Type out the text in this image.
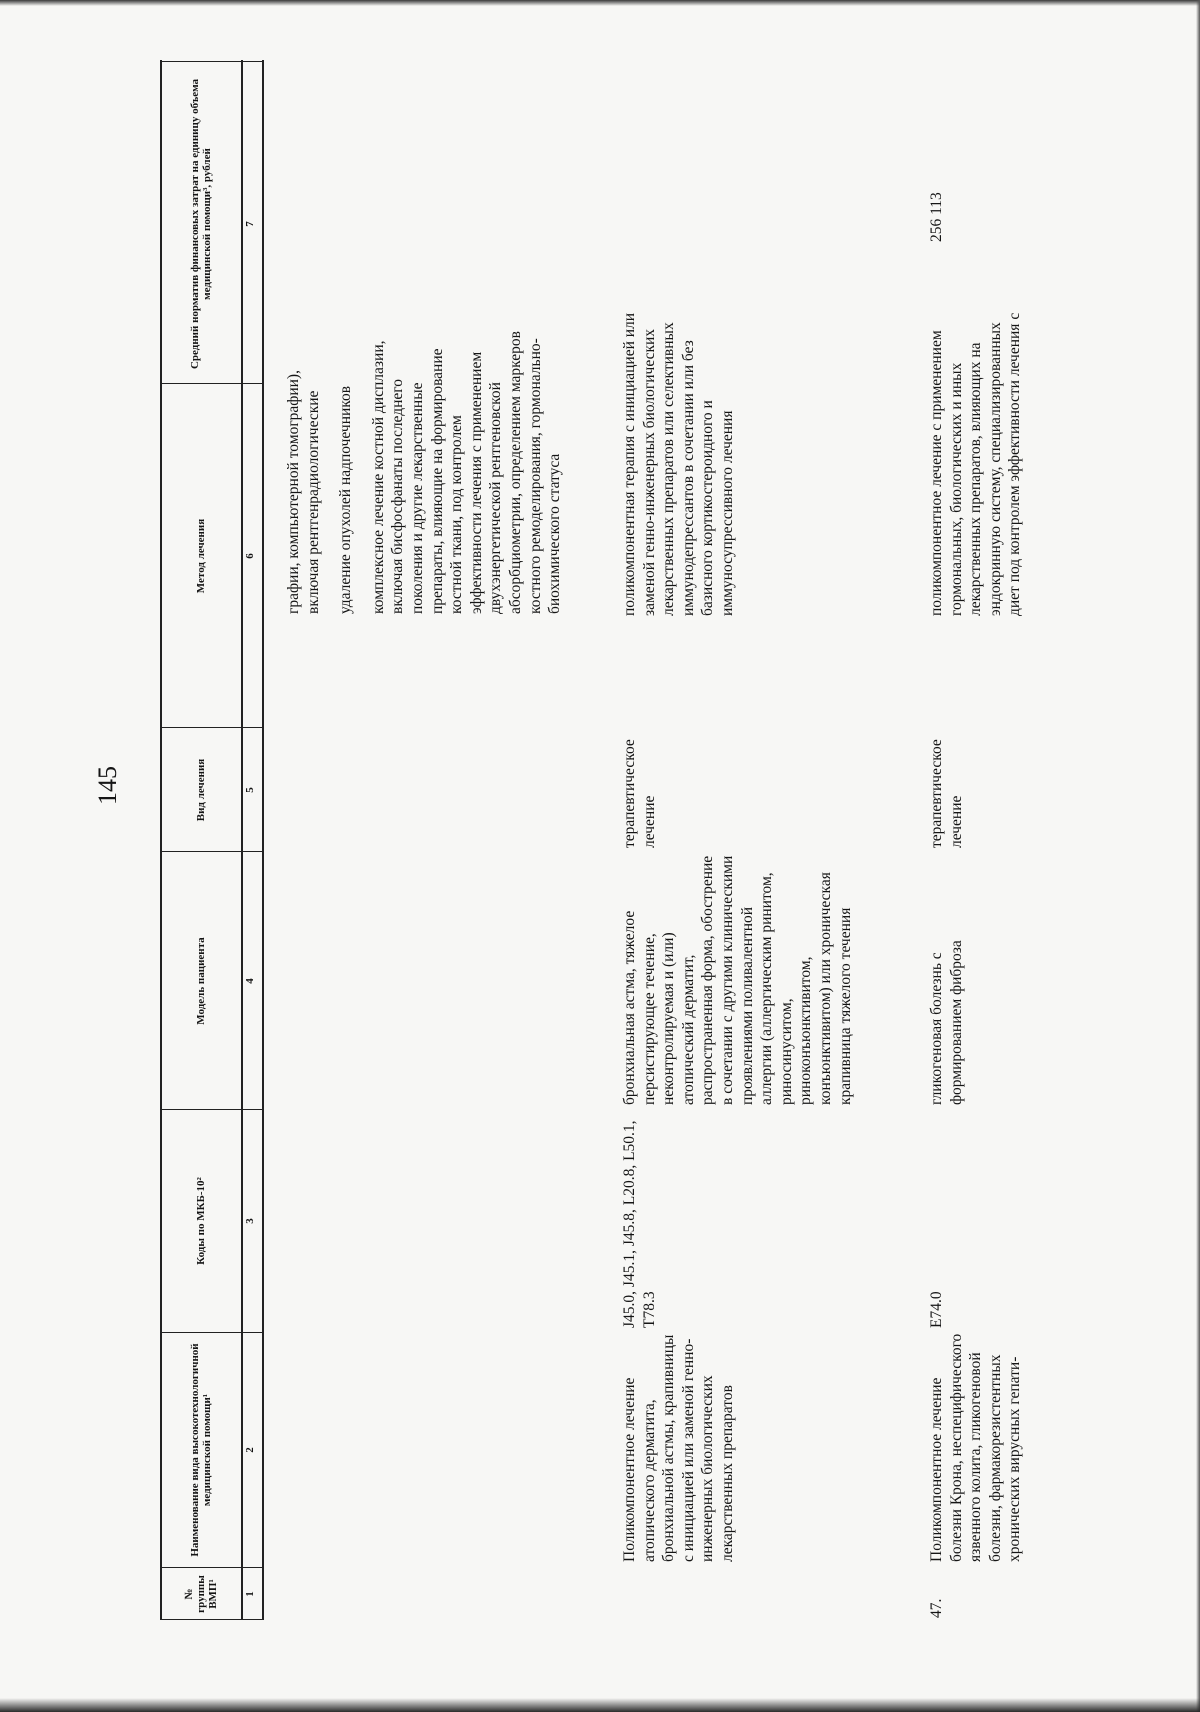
145
№ группы ВМП¹
Наименование вида высокотехнологичной медицинской помощи¹
Коды по МКБ-10²
Модель пациента
Вид лечения
Метод лечения
Средний норматив финансовых затрат на единицу объема медицинской помощи³, рублей
1
2
3
4
5
6
7

графии, компьютерной томографии), включая рентгенрадиологические удаление опухолей надпочечников комплексное лечение костной дисплазии, включая бисфосфанаты последнего поколения и другие лекарственные препараты, влияющие на формирование костной ткани, под контролем эффективности лечения с применением двухэнергетической рентгеновской абсорбциометрии, определением маркеров костного ремоделирования, гормонально-биохимического статуса

Поликомпонентное лечение атопического дерматита, бронхиальной астмы, крапивницы с инициацией или заменой генно-инженерных биологических лекарственных препаратов
J45.0, J45.1, J45.8, L20.8, L50.1, T78.3
бронхиальная астма, тяжелое персистирующее течение, неконтролируемая и (или) атопический дерматит, распространенная форма, обострение в сочетании с другими клиническими проявлениями поливалентной аллергии (аллергическим ринитом, риносинуситом, риноконъюнктивитом, конъюнктивитом) или хроническая крапивница тяжелого течения
терапевтическое лечение

поликомпонентная терапия с инициацией или заменой генно-инженерных биологических лекарственных препаратов или селективных иммунодепрессантов в сочетании или без базисного кортикостероидного и иммуносупрессивного лечения

47.
Поликомпонентное лечение болезни Крона, неспецифического язвенного колита, гликогеновой болезни, фармакорезистентных хронических вирусных гепати-
E74.0
гликогеновая болезнь с формированием фиброза
терапевтическое лечение

поликомпонентное лечение с применением гормональных, биологических и иных лекарственных препаратов, влияющих на эндокринную систему, специализированных диет под контролем эффективности лечения с

256 113
